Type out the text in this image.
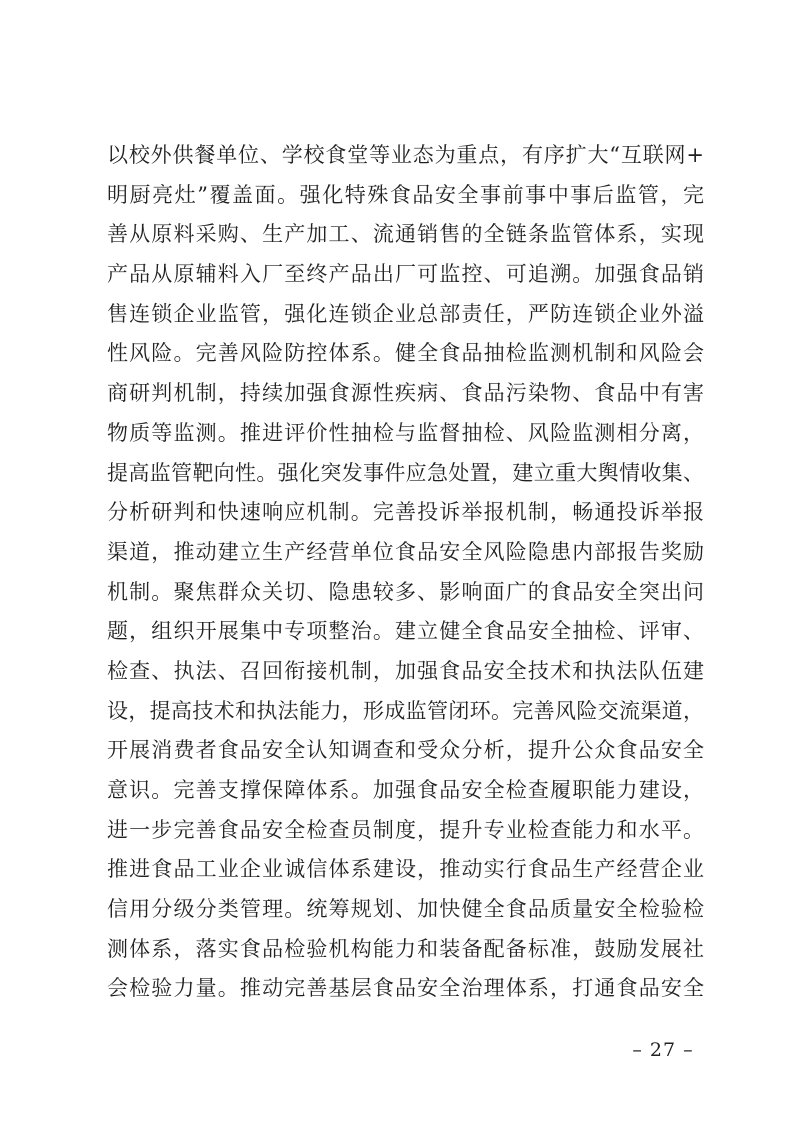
以校外供餐单位、学校食堂等业态为重点，有序扩大“互联网+
明厨亮灶”覆盖面。强化特殊食品安全事前事中事后监管，完
善从原料采购、生产加工、流通销售的全链条监管体系，实现
产品从原辅料入厂至终产品出厂可监控、可追溯。加强食品销
售连锁企业监管，强化连锁企业总部责任，严防连锁企业外溢
性风险。完善风险防控体系。健全食品抽检监测机制和风险会
商研判机制，持续加强食源性疾病、食品污染物、食品中有害
物质等监测。推进评价性抽检与监督抽检、风险监测相分离，
提高监管靶向性。强化突发事件应急处置，建立重大舆情收集、
分析研判和快速响应机制。完善投诉举报机制，畅通投诉举报
渠道，推动建立生产经营单位食品安全风险隐患内部报告奖励
机制。聚焦群众关切、隐患较多、影响面广的食品安全突出问
题，组织开展集中专项整治。建立健全食品安全抽检、评审、
检查、执法、召回衔接机制，加强食品安全技术和执法队伍建
设，提高技术和执法能力，形成监管闭环。完善风险交流渠道，
开展消费者食品安全认知调查和受众分析，提升公众食品安全
意识。完善支撑保障体系。加强食品安全检查履职能力建设，
进一步完善食品安全检查员制度，提升专业检查能力和水平。
推进食品工业企业诚信体系建设，推动实行食品生产经营企业
信用分级分类管理。统筹规划、加快健全食品质量安全检验检
测体系，落实食品检验机构能力和装备配备标准，鼓励发展社
会检验力量。推动完善基层食品安全治理体系，打通食品安全
– 27 –
